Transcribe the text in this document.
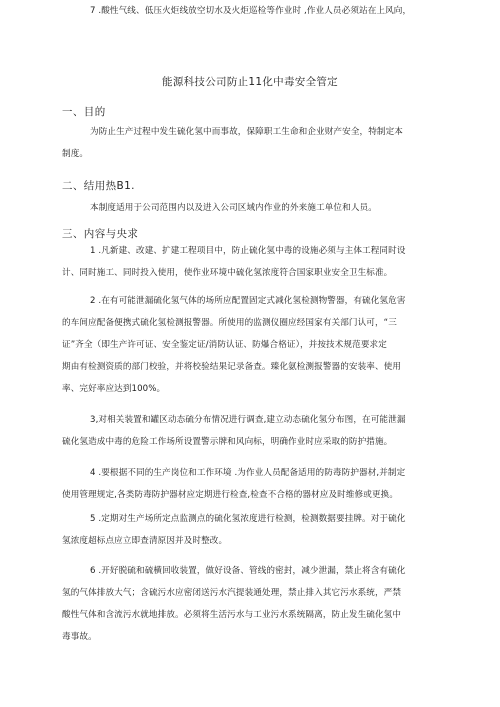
能源科技公司防止11化中毒安全管定
一、目的
为防止生产过程中发生硫化氢中而事故，保障职工生命和企业财产安全，特制定本
制度。
二、结用热B1.
本制度适用于公司范围内以及进入公司区域内作业的外来施工单位和人员。
三、内容与央求
1 .凡新建、改建、扩建工程项目中，防止硫化氢中毒的设施必须与主体工程同时设
计、同时施工、同时投入使用，使作业环境中硫化氢浓度符合国家职业安全卫生标准。
2 .在有可能泄漏硫化氢气体的场所应配置固定式减化氢检测物警器，有硫化氢危害
的车间应配备便携式硫化氢检测报警器。所使用的监测仪圈应经国家有关部门认可，“三
证”齐全（即生产许可证、安全鉴定证/消防认证、防爆合格证），并按技术规范要求定
期由有检测资质的部门校验，并将校验结果记录备查。臻化氨检测报警器的安装率、使用
率、完好率应达到100%。
3,对相关装置和罐区动态硫分布情况进行调查,建立动态硫化氢分布图，在可能泄漏
硫化氢造成中毒的危险工作场所设置警示牌和风向标，明确作业时应采取的防护措施。
4 .要根据不同的生产岗位和工作环境 .为作业人员配备适用的防毒防护器材,并制定
使用管理规定,各类防毒防护器材应定期进行检查,检查不合格的器材应及时维修或更换。
5 .定期对生产场所定点监测点的硫化氢浓度进行检测，检测数据要挂牌。对于硫化
氢浓度超标点应立即查清原因并及时整改。
6 .开好脱硫和硫横回收装置，做好设备、管线的密封，减少泄漏，禁止将含有硫化
氢的气体排放大气；含硫污水应密闭送污水汽提装通处理，禁止排入其它污水系统，严禁
酸性气体和含流污水就地排放。必须将生活污水与工业污水系统隔离，防止发生硫化氢中
毒事故。
7 .酸性气线、低压火炬线放空切水及火炬巡检等作业时 ,作业人员必须站在上风向，
